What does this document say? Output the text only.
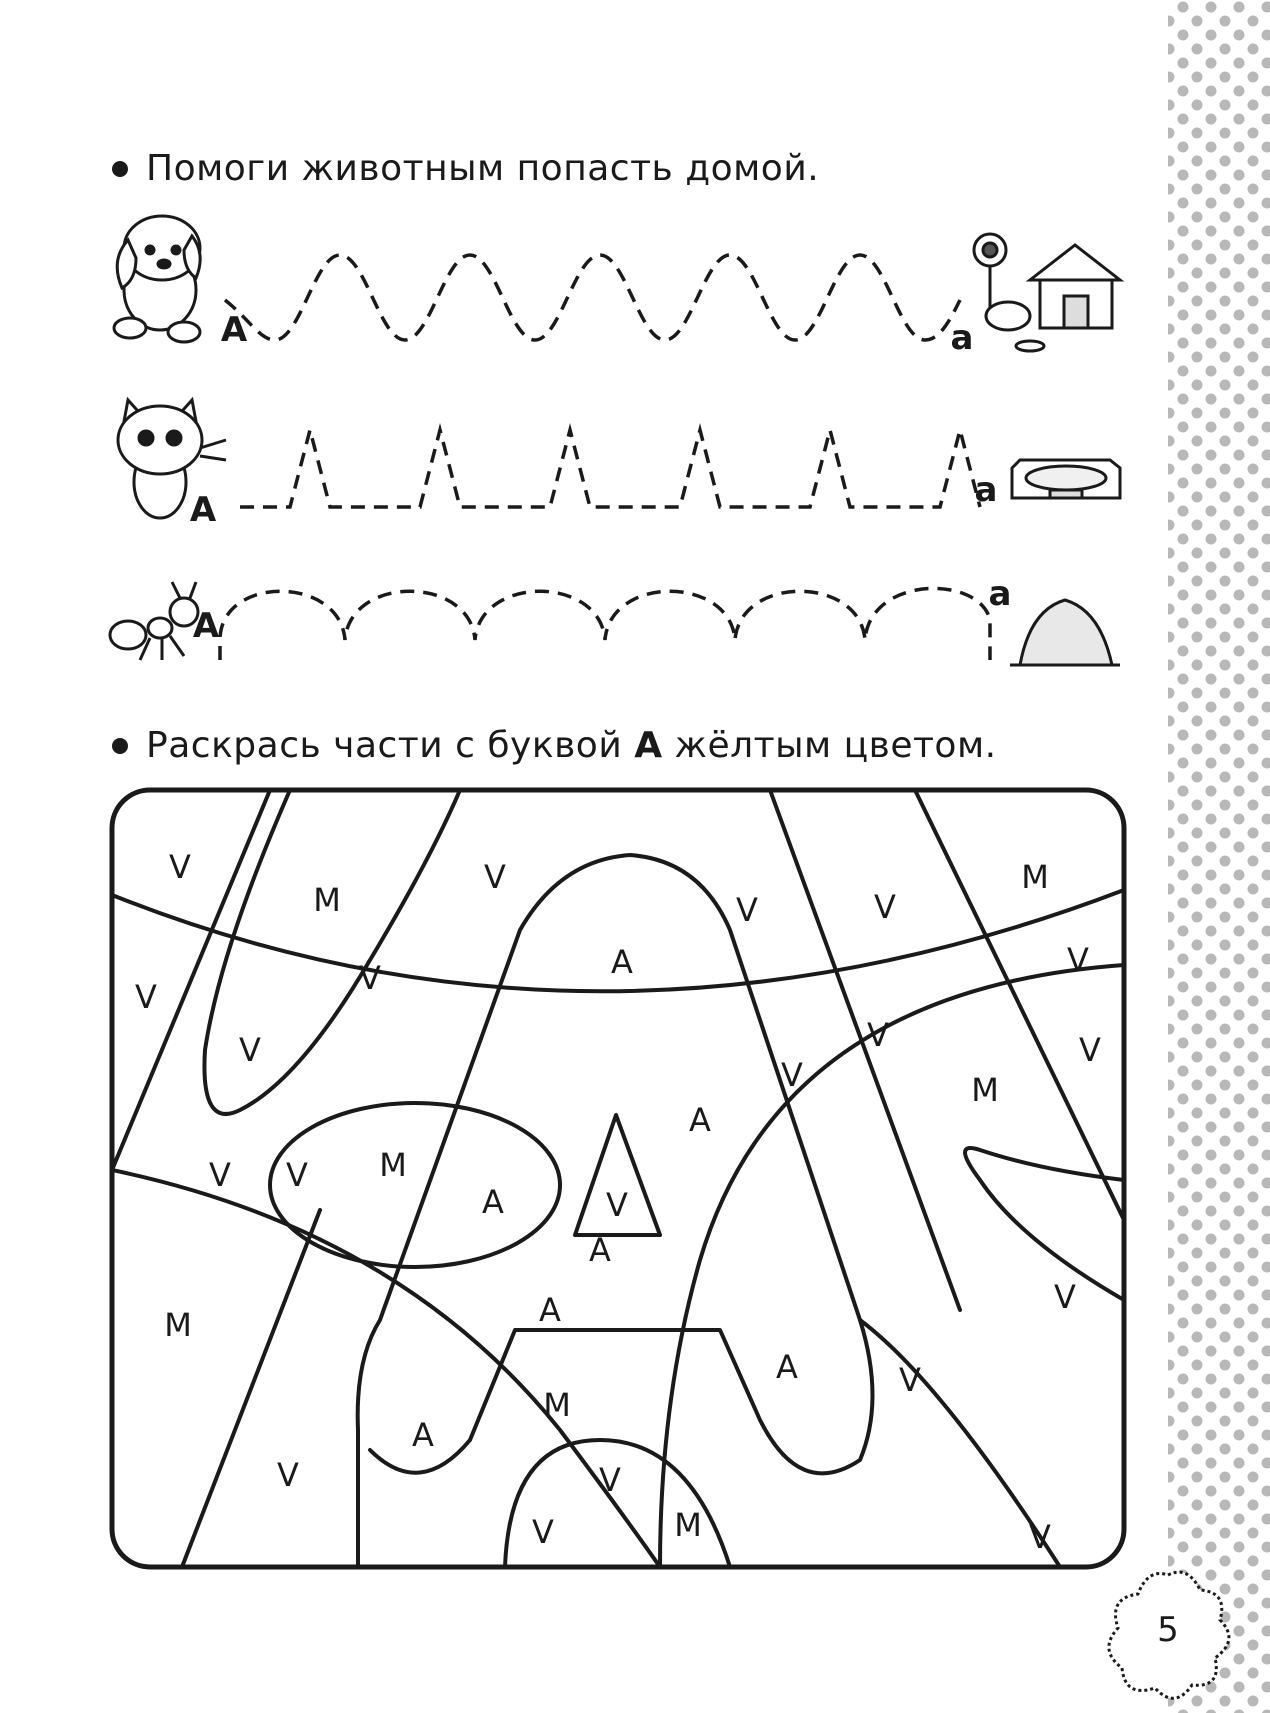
Помоги животным попасть домой.
Раскрась части с буквой А жёлтым цветом.
А	а
А	а
А
а
V
M
V
V	V
M
V	V	A	V
V
V
V
A
V
M
V V
V
M
A
V
M	A
V
A
A
V
A
M
V
V	V
M
5
